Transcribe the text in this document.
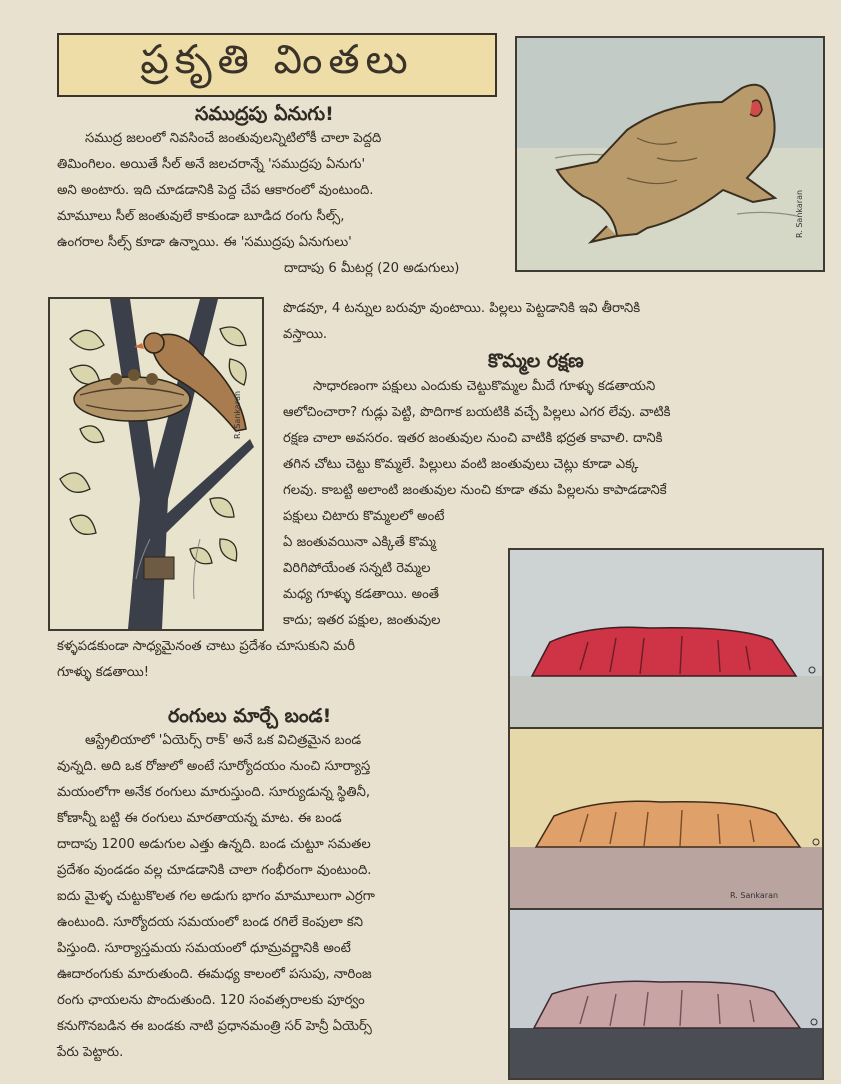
ప్రకృతి వింతలు
R. Sankaran
సముద్రపు ఏనుగు!

సముద్ర జలంలో నివసించే జంతువులన్నిటిలోకీ చాలా పెద్దది

తిమింగిలం. అయితే సీల్ అనే జలచరాన్నే 'సముద్రపు ఏనుగు'

అని అంటారు. ఇది చూడడానికి పెద్ద చేప ఆకారంలో వుంటుంది.

మామూలు సీల్ జంతువులే కాకుండా బూడిద రంగు సీల్స్,

ఉంగరాల సీల్స్ కూడా ఉన్నాయి. ఈ 'సముద్రపు ఏనుగులు'

దాదాపు 6 మీటర్ల (20 అడుగులు)

పొడవూ, 4 టన్నుల బరువూ వుంటాయి. పిల్లలు పెట్టడానికి ఇవి తీరానికి

వస్తాయి.

R. Sankaran
కొమ్మల రక్షణ

సాధారణంగా పక్షులు ఎందుకు చెట్టుకొమ్మల మీదే గూళ్ళు కడతాయని

ఆలోచించారా? గుడ్లు పెట్టి, పొదిగాక బయటికి వచ్చే పిల్లలు ఎగర లేవు. వాటికి

రక్షణ చాలా అవసరం. ఇతర జంతువుల నుంచి వాటికి భద్రత కావాలి. దానికి

తగిన చోటు చెట్టు కొమ్మలే. పిల్లులు వంటి జంతువులు చెట్లు కూడా ఎక్క

గలవు. కాబట్టి అలాంటి జంతువుల నుంచి కూడా తమ పిల్లలను కాపాడడానికే

పక్షులు చిటారు కొమ్మలలో అంటే

ఏ జంతువయినా ఎక్కితే కొమ్మ

విరిగిపోయేంత సన్నటి రెమ్మల

మధ్య గూళ్ళు కడతాయి. అంతే

కాదు; ఇతర పక్షుల, జంతువుల

కళ్ళపడకుండా సాధ్యమైనంత చాటు ప్రదేశం చూసుకుని మరీ

గూళ్ళు కడతాయి!

రంగులు మార్చే బండ!

ఆస్ట్రేలియాలో 'ఏయెర్స్ రాక్' అనే ఒక విచిత్రమైన బండ

వున్నది. అది ఒక రోజులో అంటే సూర్యోదయం నుంచి సూర్యాస్త

మయంలోగా అనేక రంగులు మారుస్తుంది. సూర్యుడున్న స్థితినీ,

కోణాన్నీ బట్టి ఈ రంగులు మారతాయన్న మాట. ఈ బండ

దాదాపు 1200 అడుగుల ఎత్తు ఉన్నది. బండ చుట్టూ సమతల

ప్రదేశం వుండడం వల్ల చూడడానికి చాలా గంభీరంగా వుంటుంది.

ఐదు మైళ్ళ చుట్టుకొలత గల అడుగు భాగం మామూలుగా ఎర్రగా

ఉంటుంది. సూర్యోదయ సమయంలో బండ రగిలే కెంపులా కని

పిస్తుంది. సూర్యాస్తమయ సమయంలో ధూమ్రవర్ణానికి అంటే

ఊదారంగుకు మారుతుంది. ఈమధ్య కాలంలో పసుపు, నారింజ

రంగు ఛాయలను పొందుతుంది. 120 సంవత్సరాలకు పూర్వం

కనుగొనబడిన ఈ బండకు నాటి ప్రధానమంత్రి సర్ హెన్రీ ఏయెర్స్

పేరు పెట్టారు.

R. Sankaran
